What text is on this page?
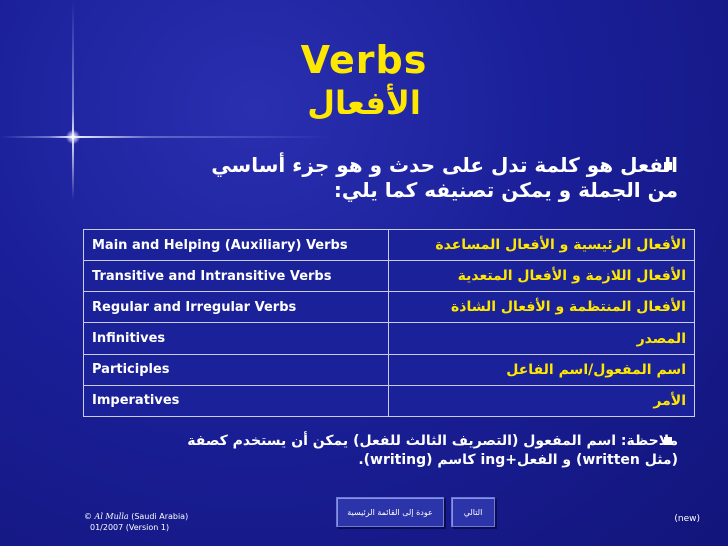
Verbs
الأفعال
الفعل هو كلمة تدل على حدث و هو جزء أساسي
من الجملة و يمكن تصنيفه كما يلي:
Main and Helping (Auxiliary) Verbs	الأفعال الرئيسية و الأفعال المساعدة
Transitive and Intransitive Verbs	الأفعال اللازمة و الأفعال المتعدية
Regular and Irregular Verbs	الأفعال المنتظمة و الأفعال الشاذة
Infinitives	المصدر
Participles	اسم المفعول/اسم الفاعل
Imperatives	الأمر
ملاحظة: اسم المفعول (التصريف الثالث للفعل) يمكن أن يستخدم كصفة
(مثل written) و الفعل+ing كاسم (writing).
© Al Mulla (Saudi Arabia)
01/2007 (Version 1)
عودة إلى القائمة الرئيسية	التالي
(new)
